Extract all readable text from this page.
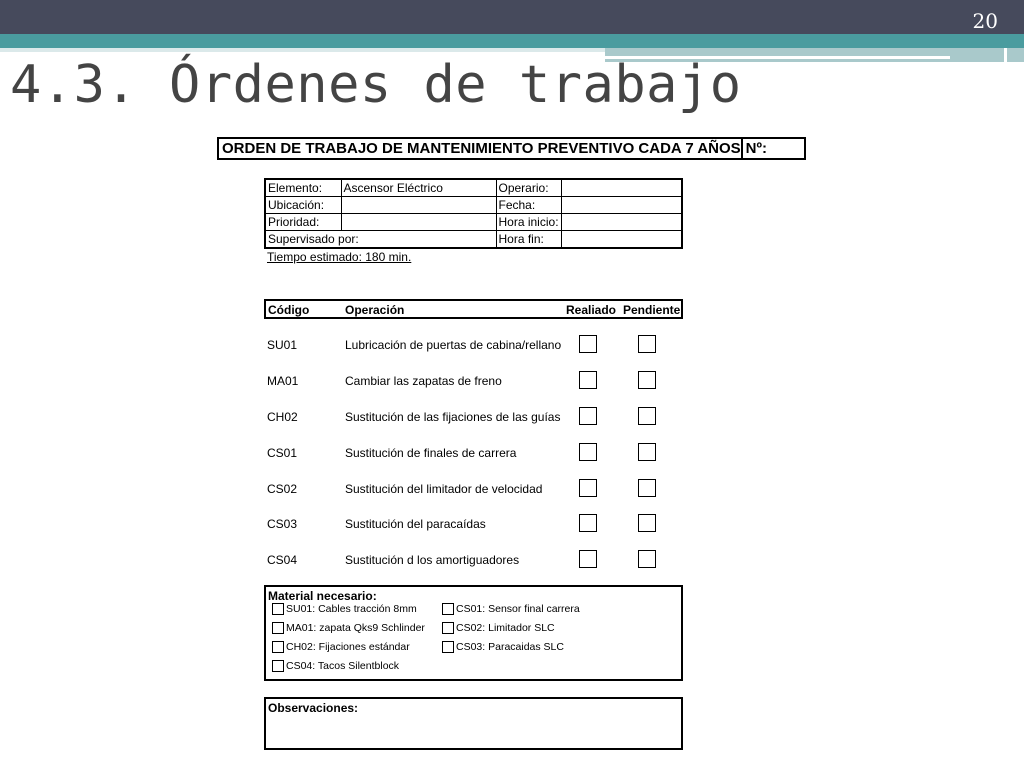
20
4.3. Órdenes de trabajo
ORDEN DE TRABAJO DE MANTENIMIENTO PREVENTIVO CADA 7 AÑOS Nº:
Elemento:	Ascensor Eléctrico	Operario:	
Ubicación:		Fecha:	
Prioridad:		Hora inicio:	
Supervisado por:		Hora fin:	
Tiempo estimado: 180 min.
Código	Operación	Realiado Pendiente
SU01	Lubricación de puertas de cabina/rellano
MA01	Cambiar las zapatas de freno
CH02	Sustitución de las fijaciones de las guías
CS01	Sustitución de finales de carrera
CS02	Sustitución del limitador de velocidad
CS03	Sustitución del paracaídas
CS04	Sustitución d los amortiguadores
Material necesario:
SU01: Cables tracción 8mm
MA01: zapata Qks9 Schlinder
CH02: Fijaciones estándar
CS04: Tacos Silentblock
CS01: Sensor final carrera
CS02: Limitador SLC
CS03: Paracaidas SLC
Observaciones:
